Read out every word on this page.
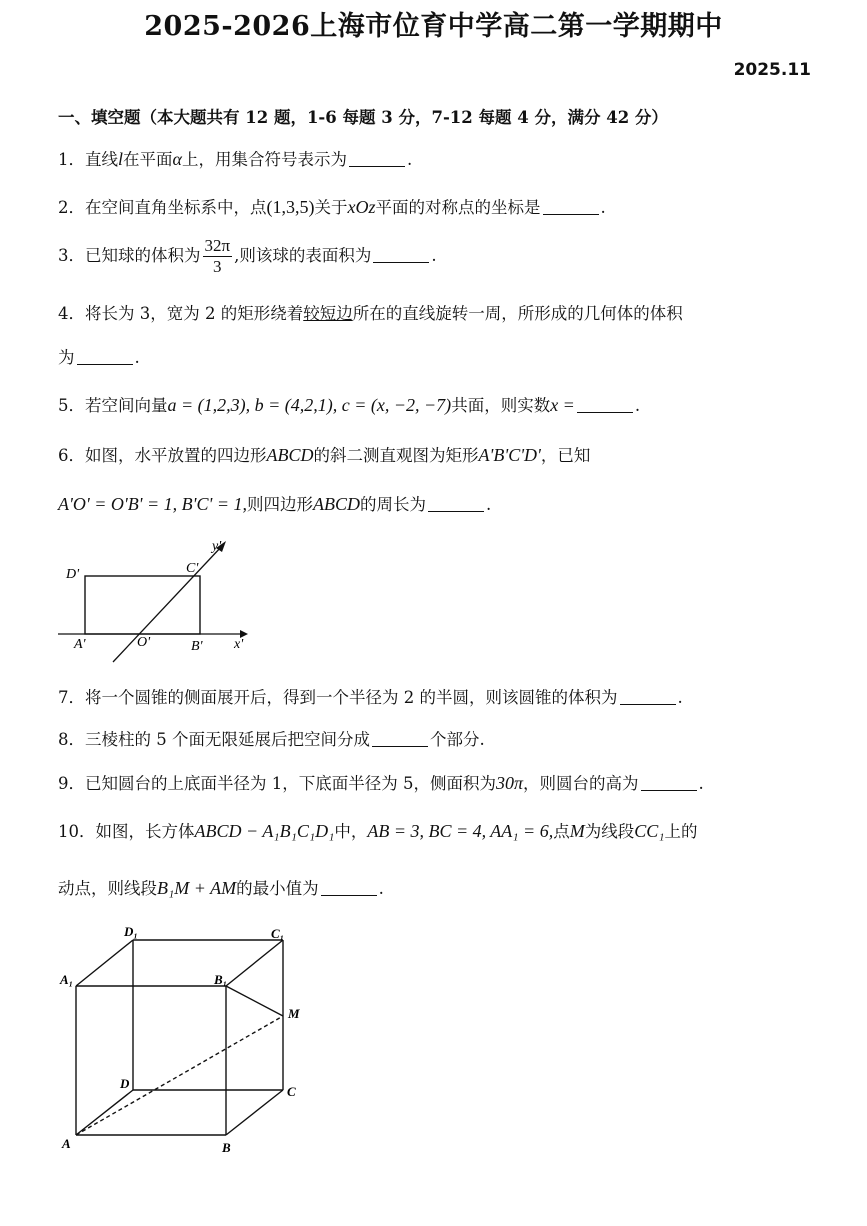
2025-2026上海市位育中学高二第一学期期中
2025.11
一、填空题（本大题共有 12 题，1-6 每题 3 分，7-12 每题 4 分，满分 42 分）
1．直线l在平面α上，用集合符号表示为	.
2．在空间直角坐标系中，点(1,3,5)关于xOz平面的对称点的坐标是	.
3．已知球的体积为 $\frac{32\pi}{3}$ ,则该球的表面积为	.
4．将长为 3，宽为 2 的矩形绕着较短边所在的直线旋转一周，所形成的几何体的体积
为	.
5．若空间向量a = (1,2,3), b = (4,2,1), c = (x, −2, −7)共面，则实数x =	.
6．如图，水平放置的四边形ABCD的斜二测直观图为矩形A'B'C'D'，已知
A'O' = O'B' = 1, B'C' = 1,则四边形ABCD的周长为	.
y'
D'	C'
A'	O'	B' x'
7．将一个圆锥的侧面展开后，得到一个半径为 2 的半圆，则该圆锥的体积为	.
8．三棱柱的 5 个面无限延展后把空间分成	个部分.
9．已知圆台的上底面半径为 1，下底面半径为 5，侧面积为30π，则圆台的高为	.
10．如图，长方体ABCD − A₁B₁C₁D₁中，AB = 3, BC = 4, AA₁ = 6,点M为线段CC₁上的
动点，则线段B₁M + AM的最小值为	.
D₁	C₁
A₁	B₁
M
D
C
A	B
